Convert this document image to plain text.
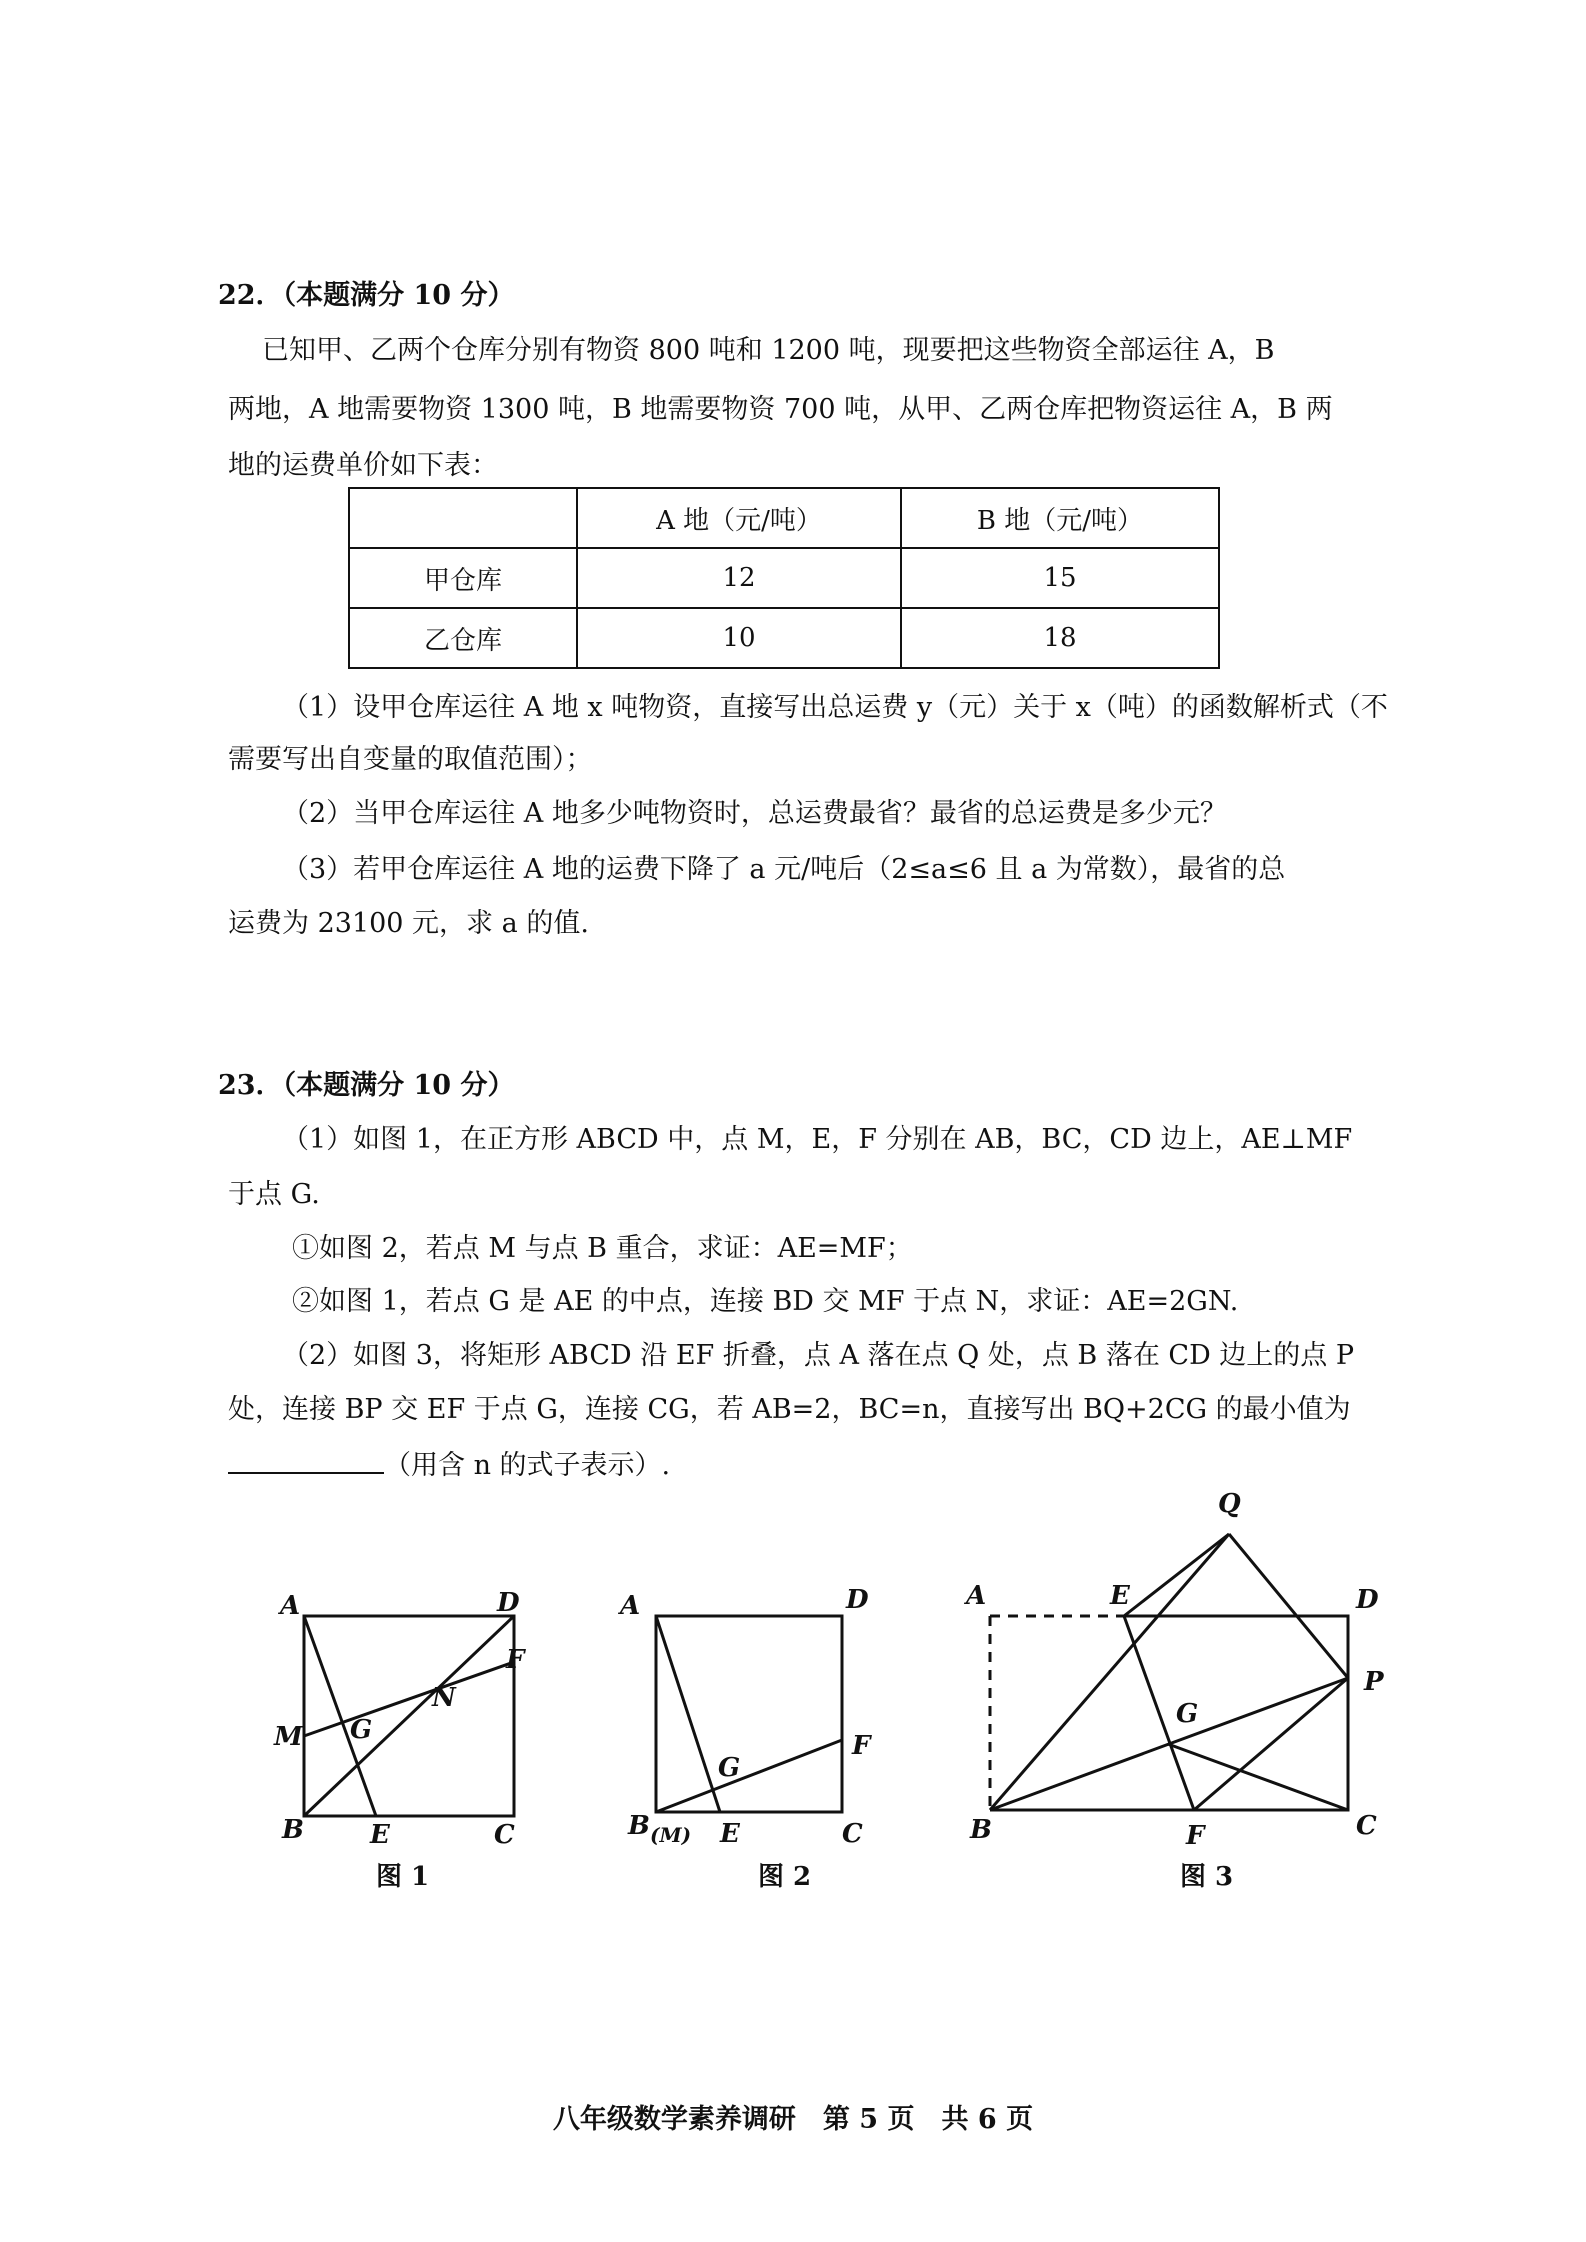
22．（本题满分 10 分）
已知甲、乙两个仓库分别有物资 800 吨和 1200 吨，现要把这些物资全部运往 A，B
两地，A 地需要物资 1300 吨，B 地需要物资 700 吨，从甲、乙两仓库把物资运往 A，B 两
地的运费单价如下表：
	A 地（元/吨）	B 地（元/吨）
甲仓库	12	15
乙仓库	10	18
（1）设甲仓库运往 A 地 x 吨物资，直接写出总运费 y（元）关于 x（吨）的函数解析式（不
需要写出自变量的取值范围）；
（2）当甲仓库运往 A 地多少吨物资时，总运费最省？最省的总运费是多少元？
（3）若甲仓库运往 A 地的运费下降了 a 元/吨后（2≤a≤6 且 a 为常数），最省的总
运费为 23100 元，求 a 的值.
23．（本题满分 10 分）
（1）如图 1，在正方形 ABCD 中，点 M，E，F 分别在 AB，BC，CD 边上，AE⊥MF
于点 G.
①如图 2，若点 M 与点 B 重合，求证：AE=MF；
②如图 1，若点 G 是 AE 的中点，连接 BD 交 MF 于点 N，求证：AE=2GN.
（2）如图 3，将矩形 ABCD 沿 EF 折叠，点 A 落在点 Q 处，点 B 落在 CD 边上的点 P
处，连接 BP 交 EF 于点 G，连接 CG，若 AB=2，BC=n，直接写出 BQ+2CG 的最小值为
（用含 n 的式子表示）.
A	D
F
N
M G
B	E	C
A	D
G
F
B (M) E	C
Q
A	E	D
P
G
B	F	C
图 1	图 2	图 3
八年级数学素养调研　第 5 页　共 6 页
